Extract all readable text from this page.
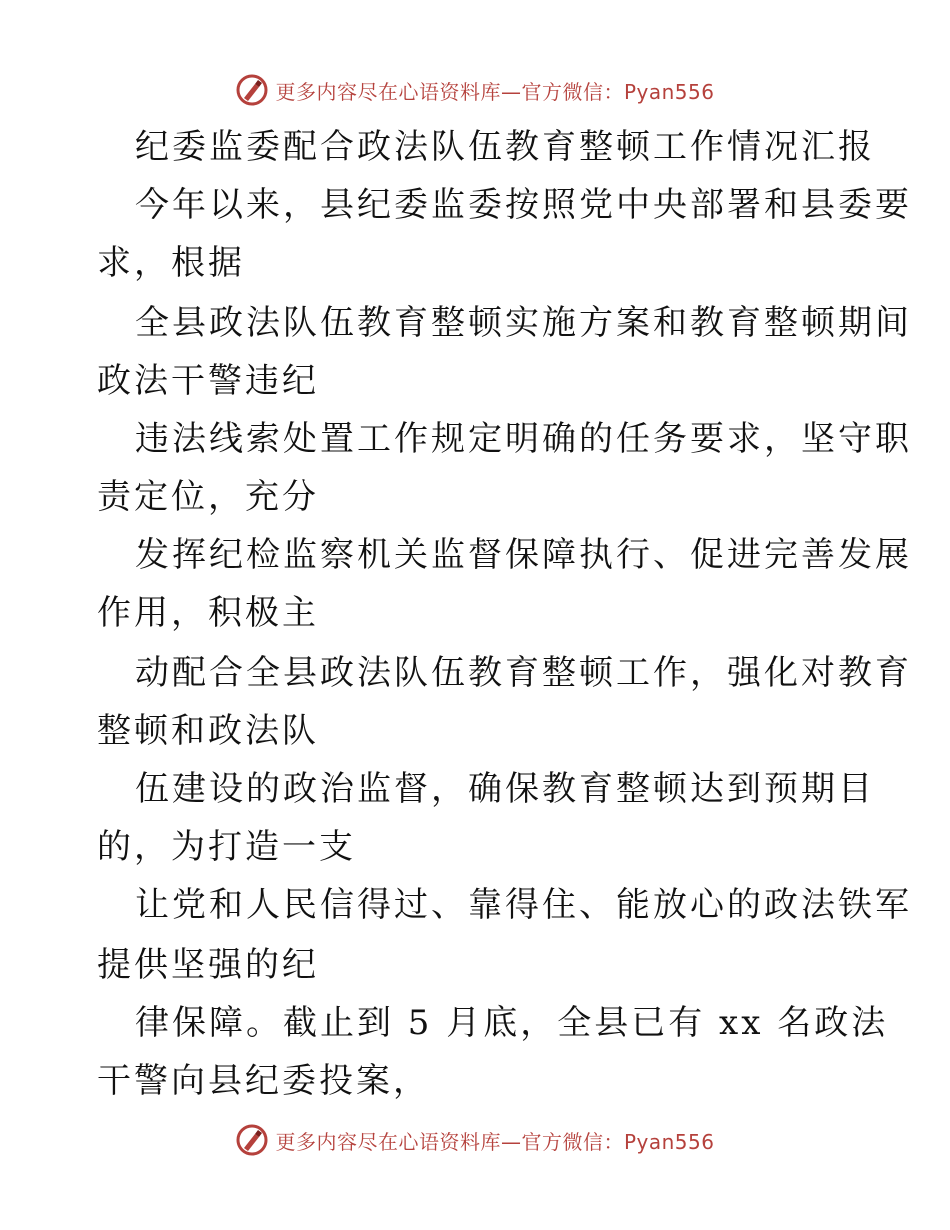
更多内容尽在心语资料库—官方微信：Pyan556
纪委监委配合政法队伍教育整顿工作情况汇报
今年以来，县纪委监委按照党中央部署和县委要
求，根据
全县政法队伍教育整顿实施方案和教育整顿期间
政法干警违纪
违法线索处置工作规定明确的任务要求，坚守职
责定位，充分
发挥纪检监察机关监督保障执行、促进完善发展
作用，积极主
动配合全县政法队伍教育整顿工作，强化对教育
整顿和政法队
伍建设的政治监督，确保教育整顿达到预期目
的，为打造一支
让党和人民信得过、靠得住、能放心的政法铁军
提供坚强的纪
律保障。截止到 5 月底，全县已有 xx 名政法
干警向县纪委投案，
更多内容尽在心语资料库—官方微信：Pyan556
